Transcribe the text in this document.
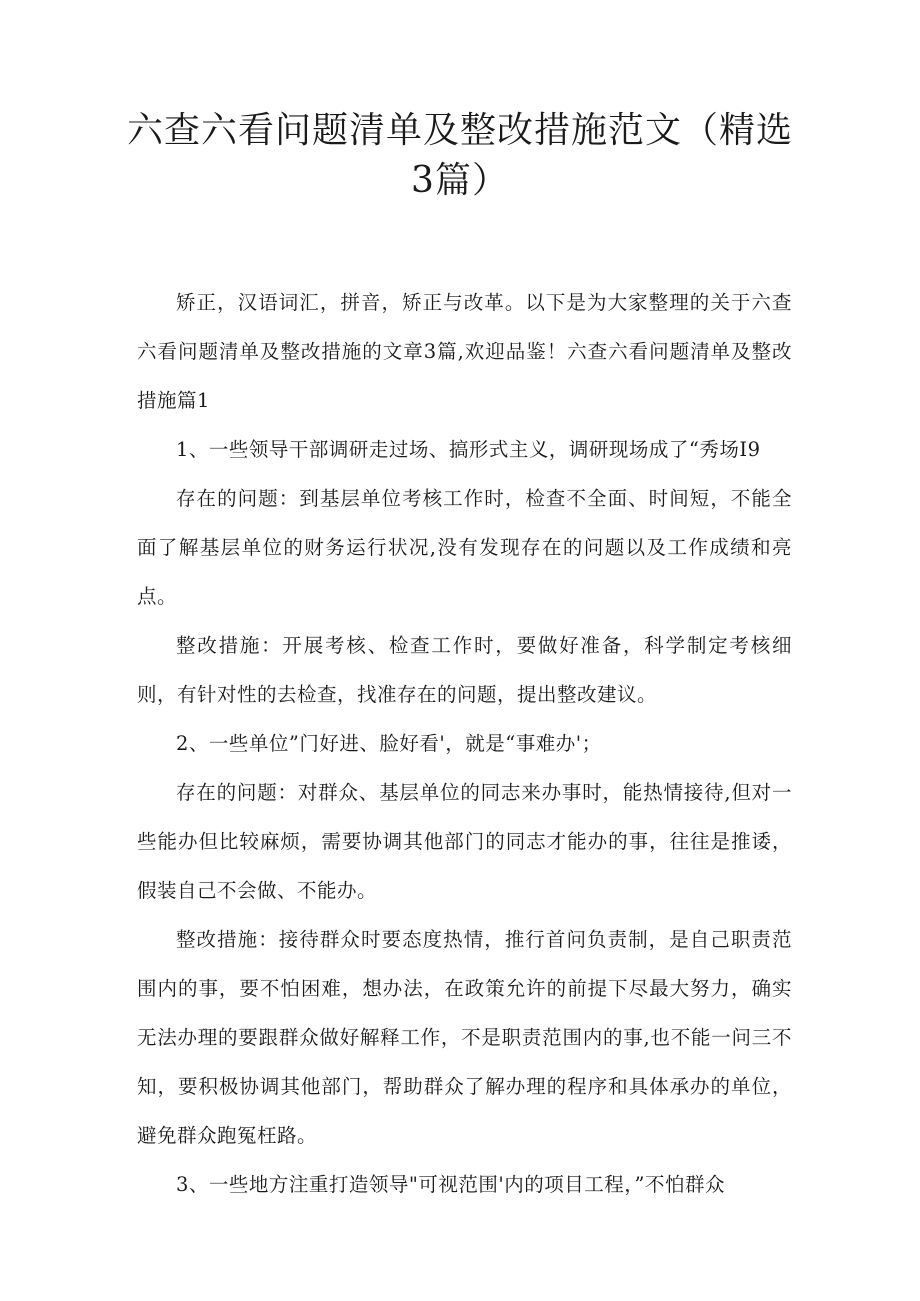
六查六看问题清单及整改措施范文（精选3篇）

矫正，汉语词汇，拼音，矫正与改革。以下是为大家整理的关于六查六看问题清单及整改措施的文章3篇,欢迎品鉴！六查六看问题清单及整改措施篇1

1、一些领导干部调研走过场、搞形式主义，调研现场成了“秀场I9

存在的问题：到基层单位考核工作时，检查不全面、时间短，不能全面了解基层单位的财务运行状况,没有发现存在的问题以及工作成绩和亮点。

整改措施：开展考核、检查工作时，要做好准备，科学制定考核细则，有针对性的去检查，找准存在的问题，提出整改建议。

2、一些单位”门好进、脸好看'，就是“事难办'；

存在的问题：对群众、基层单位的同志来办事时，能热情接待,但对一些能办但比较麻烦，需要协调其他部门的同志才能办的事，往往是推诿，假装自己不会做、不能办。

整改措施：接待群众时要态度热情，推行首问负责制，是自己职责范围内的事，要不怕困难，想办法，在政策允许的前提下尽最大努力，确实无法办理的要跟群众做好解释工作，不是职责范围内的事,也不能一问三不知，要积极协调其他部门，帮助群众了解办理的程序和具体承办的单位，避免群众跑冤枉路。

3、一些地方注重打造领导"可视范围'内的项目工程，”不怕群众
